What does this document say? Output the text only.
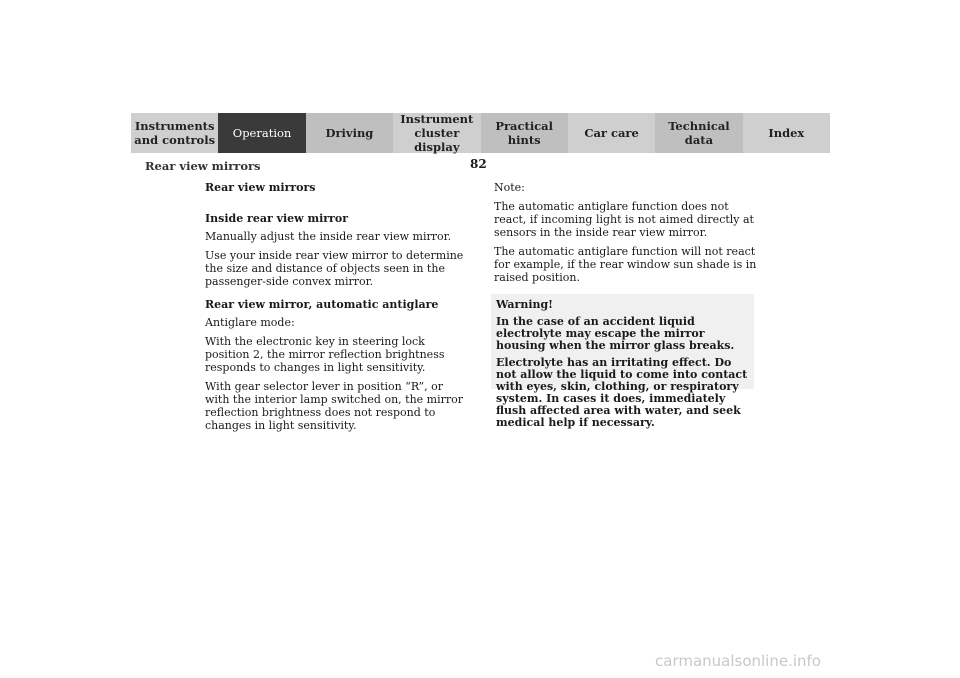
Instruments
and controls	Operation	Driving
Instrument
cluster display
Practical hints	Car care	Technical
data	Index
82
Rear view mirrors
Rear view mirrors
Inside rear view mirror

Manually adjust the inside rear view mirror.

Use your inside rear view mirror to determine the size and distance of objects seen in the passenger-side convex mirror.

Rear view mirror, automatic antiglare

Antiglare mode:

With the electronic key in steering lock position 2, the mirror reflection brightness responds to changes in light sensitivity.

With gear selector lever in position “R”, or with the interior lamp switched on, the mirror reflection brightness does not respond to changes in light sensitivity.

Note:

The automatic antiglare function does not react, if incoming light is not aimed directly at sensors in the inside rear view mirror.

The automatic antiglare function will not react for example, if the rear window sun shade is in raised position.

Warning!
In the case of an accident liquid electrolyte may escape the mirror housing when the mirror glass breaks.
Electrolyte has an irritating effect. Do not allow the liquid to come into contact with eyes, skin, clothing, or respiratory system. In cases it does, immediately flush affected area with water, and seek medical help if necessary.
carmanualsonline.info
